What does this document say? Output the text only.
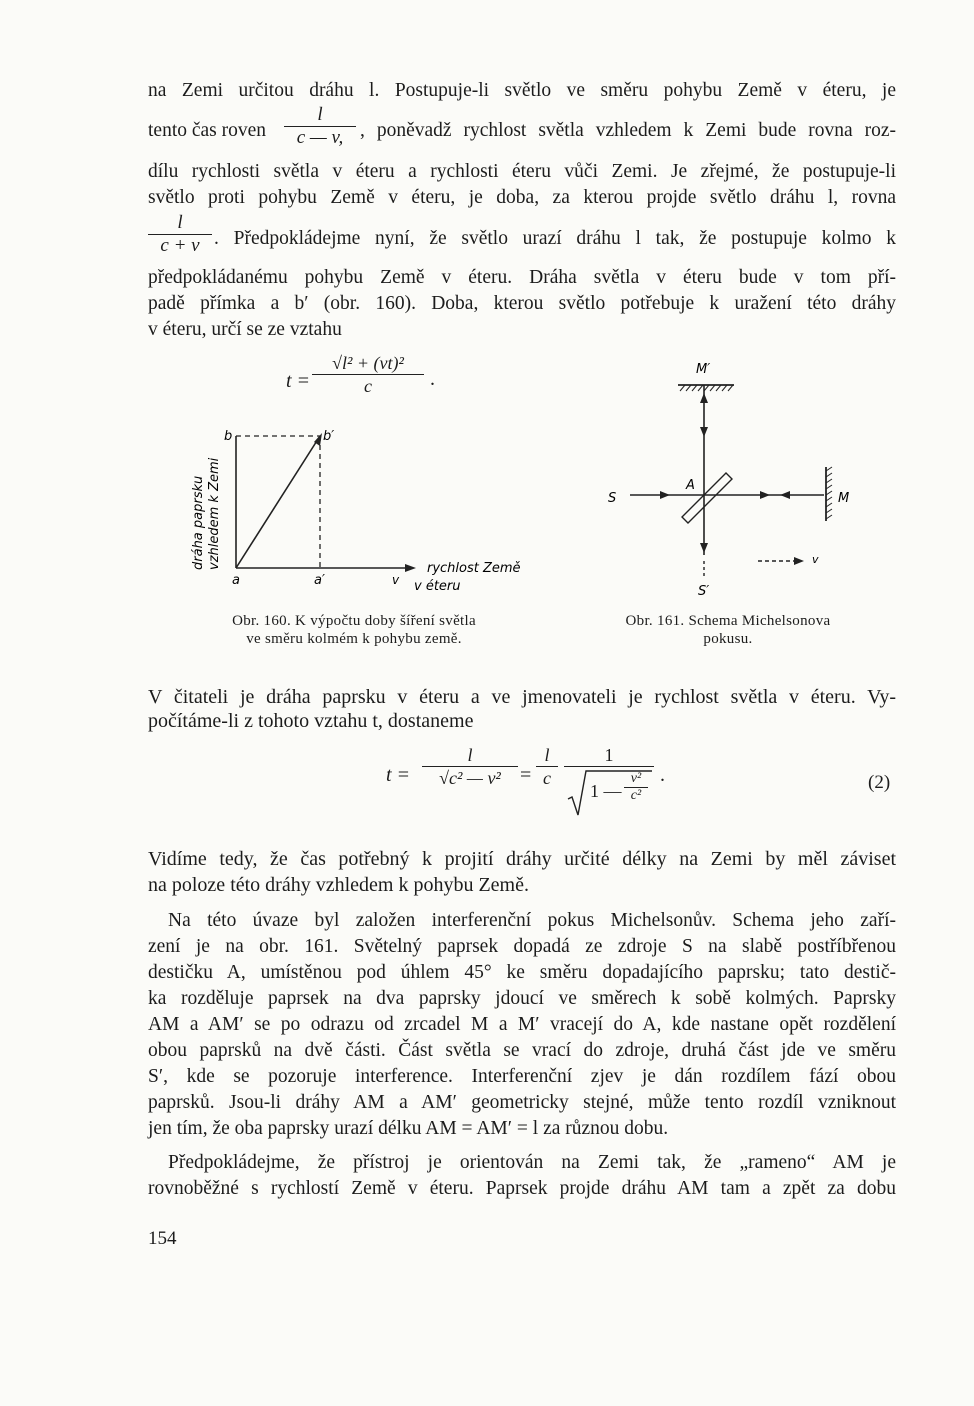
na Zemi určitou dráhu l. Postupuje-li světlo ve směru pohybu Země v éteru, je
tento čas roven
l
c — v, , poněvadž rychlost světla vzhledem k Zemi bude rovna roz-
dílu rychlosti světla v éteru a rychlosti éteru vůči Zemi. Je zřejmé, že postupuje-li
světlo proti pohybu Země v éteru, je doba, za kterou projde světlo dráhu l, rovna
l
c + v . Předpokládejme nyní, že světlo urazí dráhu l tak, že postupuje kolmo k
předpokládanému pohybu Země v éteru. Dráha světla v éteru bude v tom pří-
padě přímka a b′ (obr. 160). Doba, kterou světlo potřebuje k uražení této dráhy
v éteru, určí se ze vztahu
t =
√l² + (vt)²
c	.
b	b′
a	a′	v
rychlost Země
v éteru
dráha paprsku vzhledem k Zemi
Obr. 160. K výpočtu doby šíření světla
ve směru kolmém k pohybu země.
M′
S′
S	M
A
v
Obr. 161. Schema Michelsonova
pokusu.
V čitateli je dráha paprsku v éteru a ve jmenovateli je rychlost světla v éteru. Vy-
počítáme-li z tohoto vztahu t, dostaneme
t =
l
√c² — v² =
l
c
1
1 —
v²
c²
.	(2)
Vidíme tedy, že čas potřebný k projití dráhy určité délky na Zemi by měl záviset
na poloze této dráhy vzhledem k pohybu Země.
Na této úvaze byl založen interferenční pokus Michelsonův. Schema jeho zaří-
zení je na obr. 161. Světelný paprsek dopadá ze zdroje S na slabě postříbřenou
destičku A, umístěnou pod úhlem 45° ke směru dopadajícího paprsku; tato destič-
ka rozděluje paprsek na dva paprsky jdoucí ve směrech k sobě kolmých. Paprsky
AM a AM′ se po odrazu od zrcadel M a M′ vracejí do A, kde nastane opět rozdělení
obou paprsků na dvě části. Část světla se vrací do zdroje, druhá část jde ve směru
S′, kde se pozoruje interference. Interferenční zjev je dán rozdílem fází obou
paprsků. Jsou-li dráhy AM a AM′ geometricky stejné, může tento rozdíl vzniknout
jen tím, že oba paprsky urazí délku AM = AM′ = l za různou dobu.
Předpokládejme, že přístroj je orientován na Zemi tak, že „rameno“ AM je
rovnoběžné s rychlostí Země v éteru. Paprsek projde dráhu AM tam a zpět za dobu
154
